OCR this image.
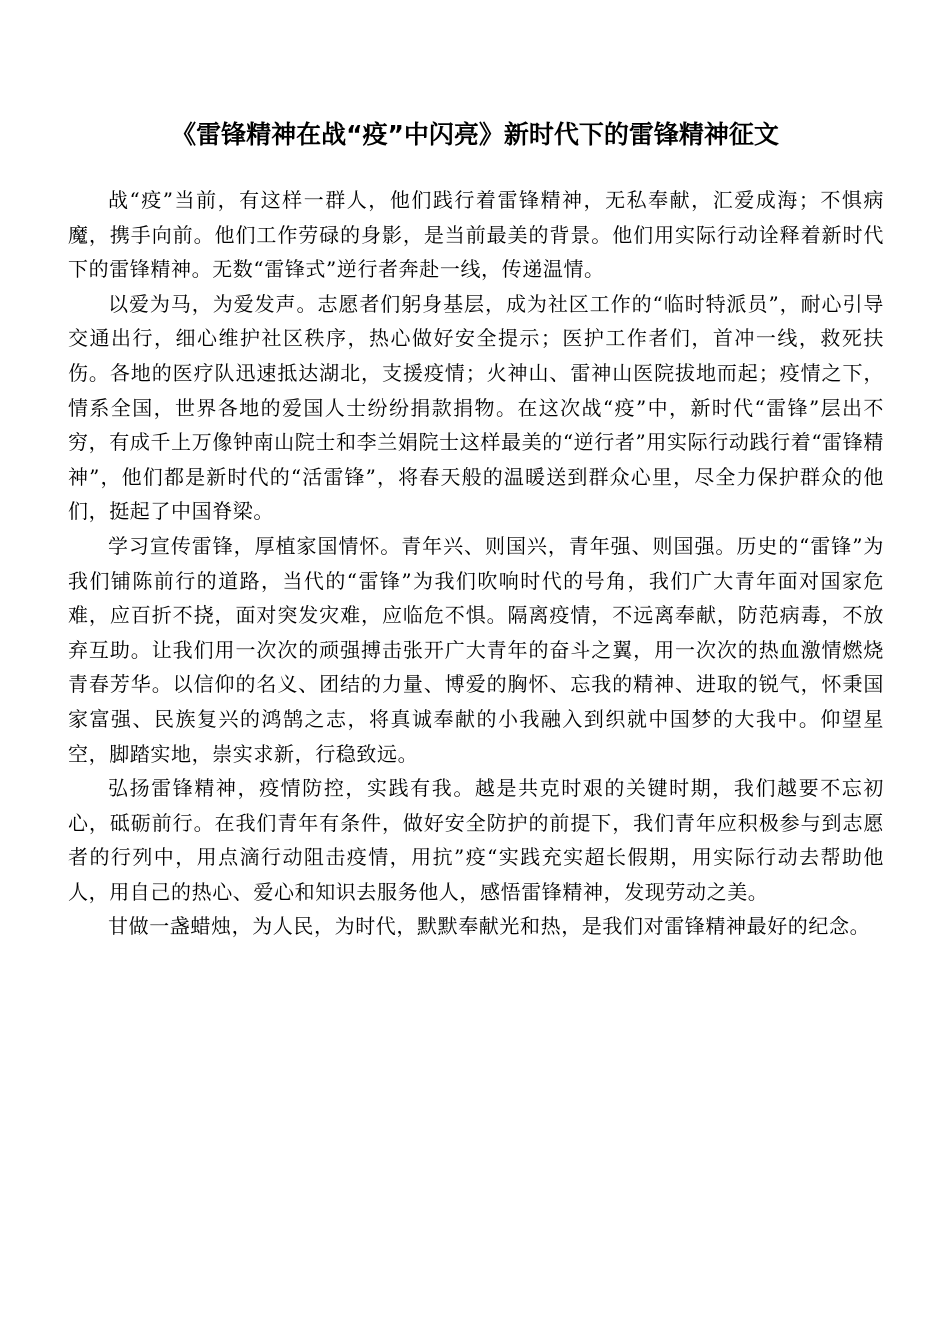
《雷锋精神在战“疫”中闪亮》新时代下的雷锋精神征文

战“疫”当前，有这样一群人，他们践行着雷锋精神，无私奉献，汇爱成海；不惧病魔，携手向前。他们工作劳碌的身影，是当前最美的背景。他们用实际行动诠释着新时代下的雷锋精神。无数“雷锋式”逆行者奔赴一线，传递温情。

以爱为马，为爱发声。志愿者们躬身基层，成为社区工作的“临时特派员”，耐心引导交通出行，细心维护社区秩序，热心做好安全提示；医护工作者们，首冲一线，救死扶伤。各地的医疗队迅速抵达湖北，支援疫情；火神山、雷神山医院拔地而起；疫情之下，情系全国，世界各地的爱国人士纷纷捐款捐物。在这次战“疫”中，新时代“雷锋”层出不穷，有成千上万像钟南山院士和李兰娟院士这样最美的“逆行者”用实际行动践行着“雷锋精神”，他们都是新时代的“活雷锋”，将春天般的温暖送到群众心里，尽全力保护群众的他们，挺起了中国脊梁。

学习宣传雷锋，厚植家国情怀。青年兴、则国兴，青年强、则国强。历史的“雷锋”为我们铺陈前行的道路，当代的“雷锋”为我们吹响时代的号角，我们广大青年面对国家危难，应百折不挠，面对突发灾难，应临危不惧。隔离疫情，不远离奉献，防范病毒，不放弃互助。让我们用一次次的顽强搏击张开广大青年的奋斗之翼，用一次次的热血激情燃烧青春芳华。以信仰的名义、团结的力量、博爱的胸怀、忘我的精神、进取的锐气，怀秉国家富强、民族复兴的鸿鹄之志，将真诚奉献的小我融入到织就中国梦的大我中。仰望星空，脚踏实地，崇实求新，行稳致远。

弘扬雷锋精神，疫情防控，实践有我。越是共克时艰的关键时期，我们越要不忘初心，砥砺前行。在我们青年有条件，做好安全防护的前提下，我们青年应积极参与到志愿者的行列中，用点滴行动阻击疫情，用抗”疫“实践充实超长假期，用实际行动去帮助他人，用自己的热心、爱心和知识去服务他人，感悟雷锋精神，发现劳动之美。

甘做一盏蜡烛，为人民，为时代，默默奉献光和热，是我们对雷锋精神最好的纪念。
